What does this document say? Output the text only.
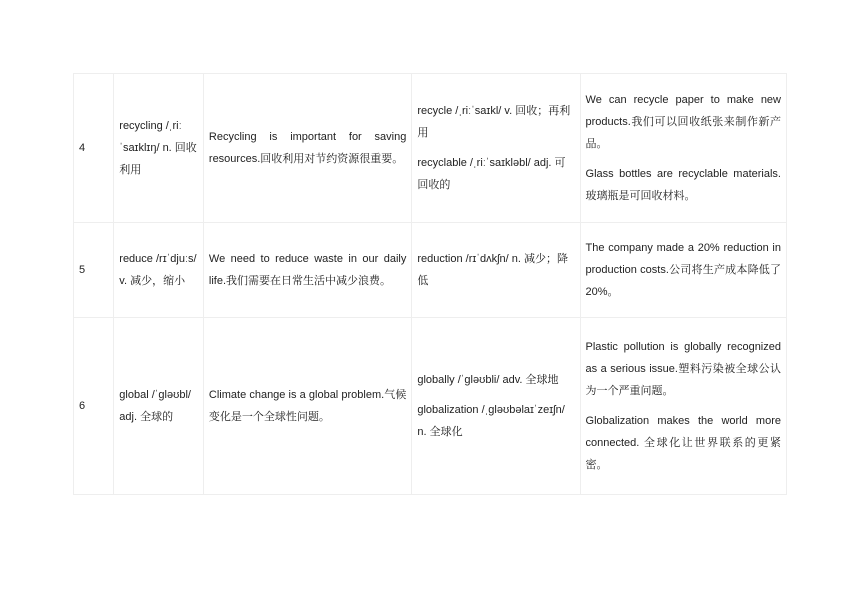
4	recycling /ˌriːˈsaɪklɪŋ/ n. 回收利用	Recycling is important for saving resources.回收利用对节约资源很重要。	recycle /ˌriːˈsaɪkl/ v. 回收；再利用
recyclable /ˌriːˈsaɪkləbl/ adj. 可回收的	We can recycle paper to make new products.我们可以回收纸张来制作新产品。
Glass bottles are recyclable materials.玻璃瓶是可回收材料。

5	reduce /rɪˈdjuːs/ v. 减少，缩小	We need to reduce waste in our daily life.我们需要在日常生活中减少浪费。	reduction /rɪˈdʌkʃn/ n. 减少；降低	The company made a 20% reduction in production costs.公司将生产成本降低了20%。

6	global /ˈɡləʊbl/ adj. 全球的	Climate change is a global problem.气候变化是一个全球性问题。	globally /ˈɡləʊbli/ adv. 全球地
globalization /ˌɡləʊbəlaɪˈzeɪʃn/ n. 全球化	Plastic pollution is globally recognized as a serious issue.塑料污染被全球公认为一个严重问题。
Globalization makes the world more connected. 全球化让世界联系的更紧密。
